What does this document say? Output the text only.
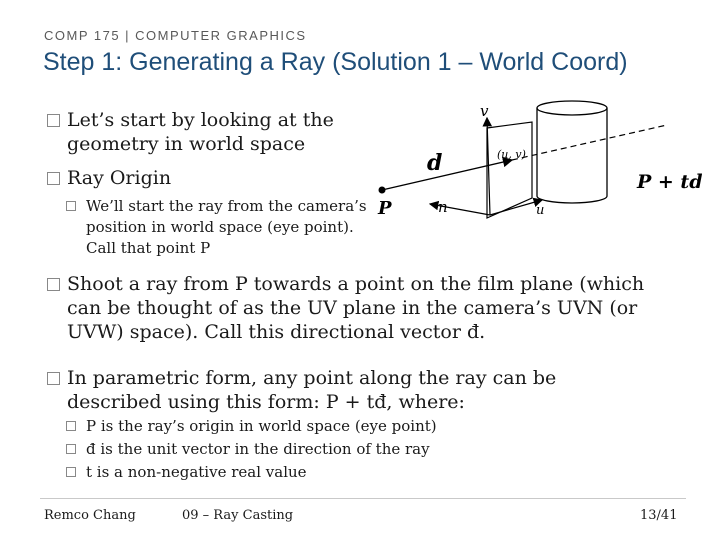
COMP 175 | COMPUTER GRAPHICS
Step 1: Generating a Ray (Solution 1 – World Coord)
Let’s start by looking at the geometry in world space
Ray Origin
We’ll start the ray from the camera’s position in world space (eye point). Call that point P
Shoot a ray from P towards a point on the film plane (which can be thought of as the UV plane in the camera’s UVN (or UVW) space). Call this directional vector đ.
In parametric form, any point along the ray can be described using this form: P + tđ, where:
P is the ray’s origin in world space (eye point)
đ is the unit vector in the direction of the ray
t is a non-negative real value
v
(u, v)
d
P	n	u
P + td
Remco Chang	09 – Ray Casting	13/41
